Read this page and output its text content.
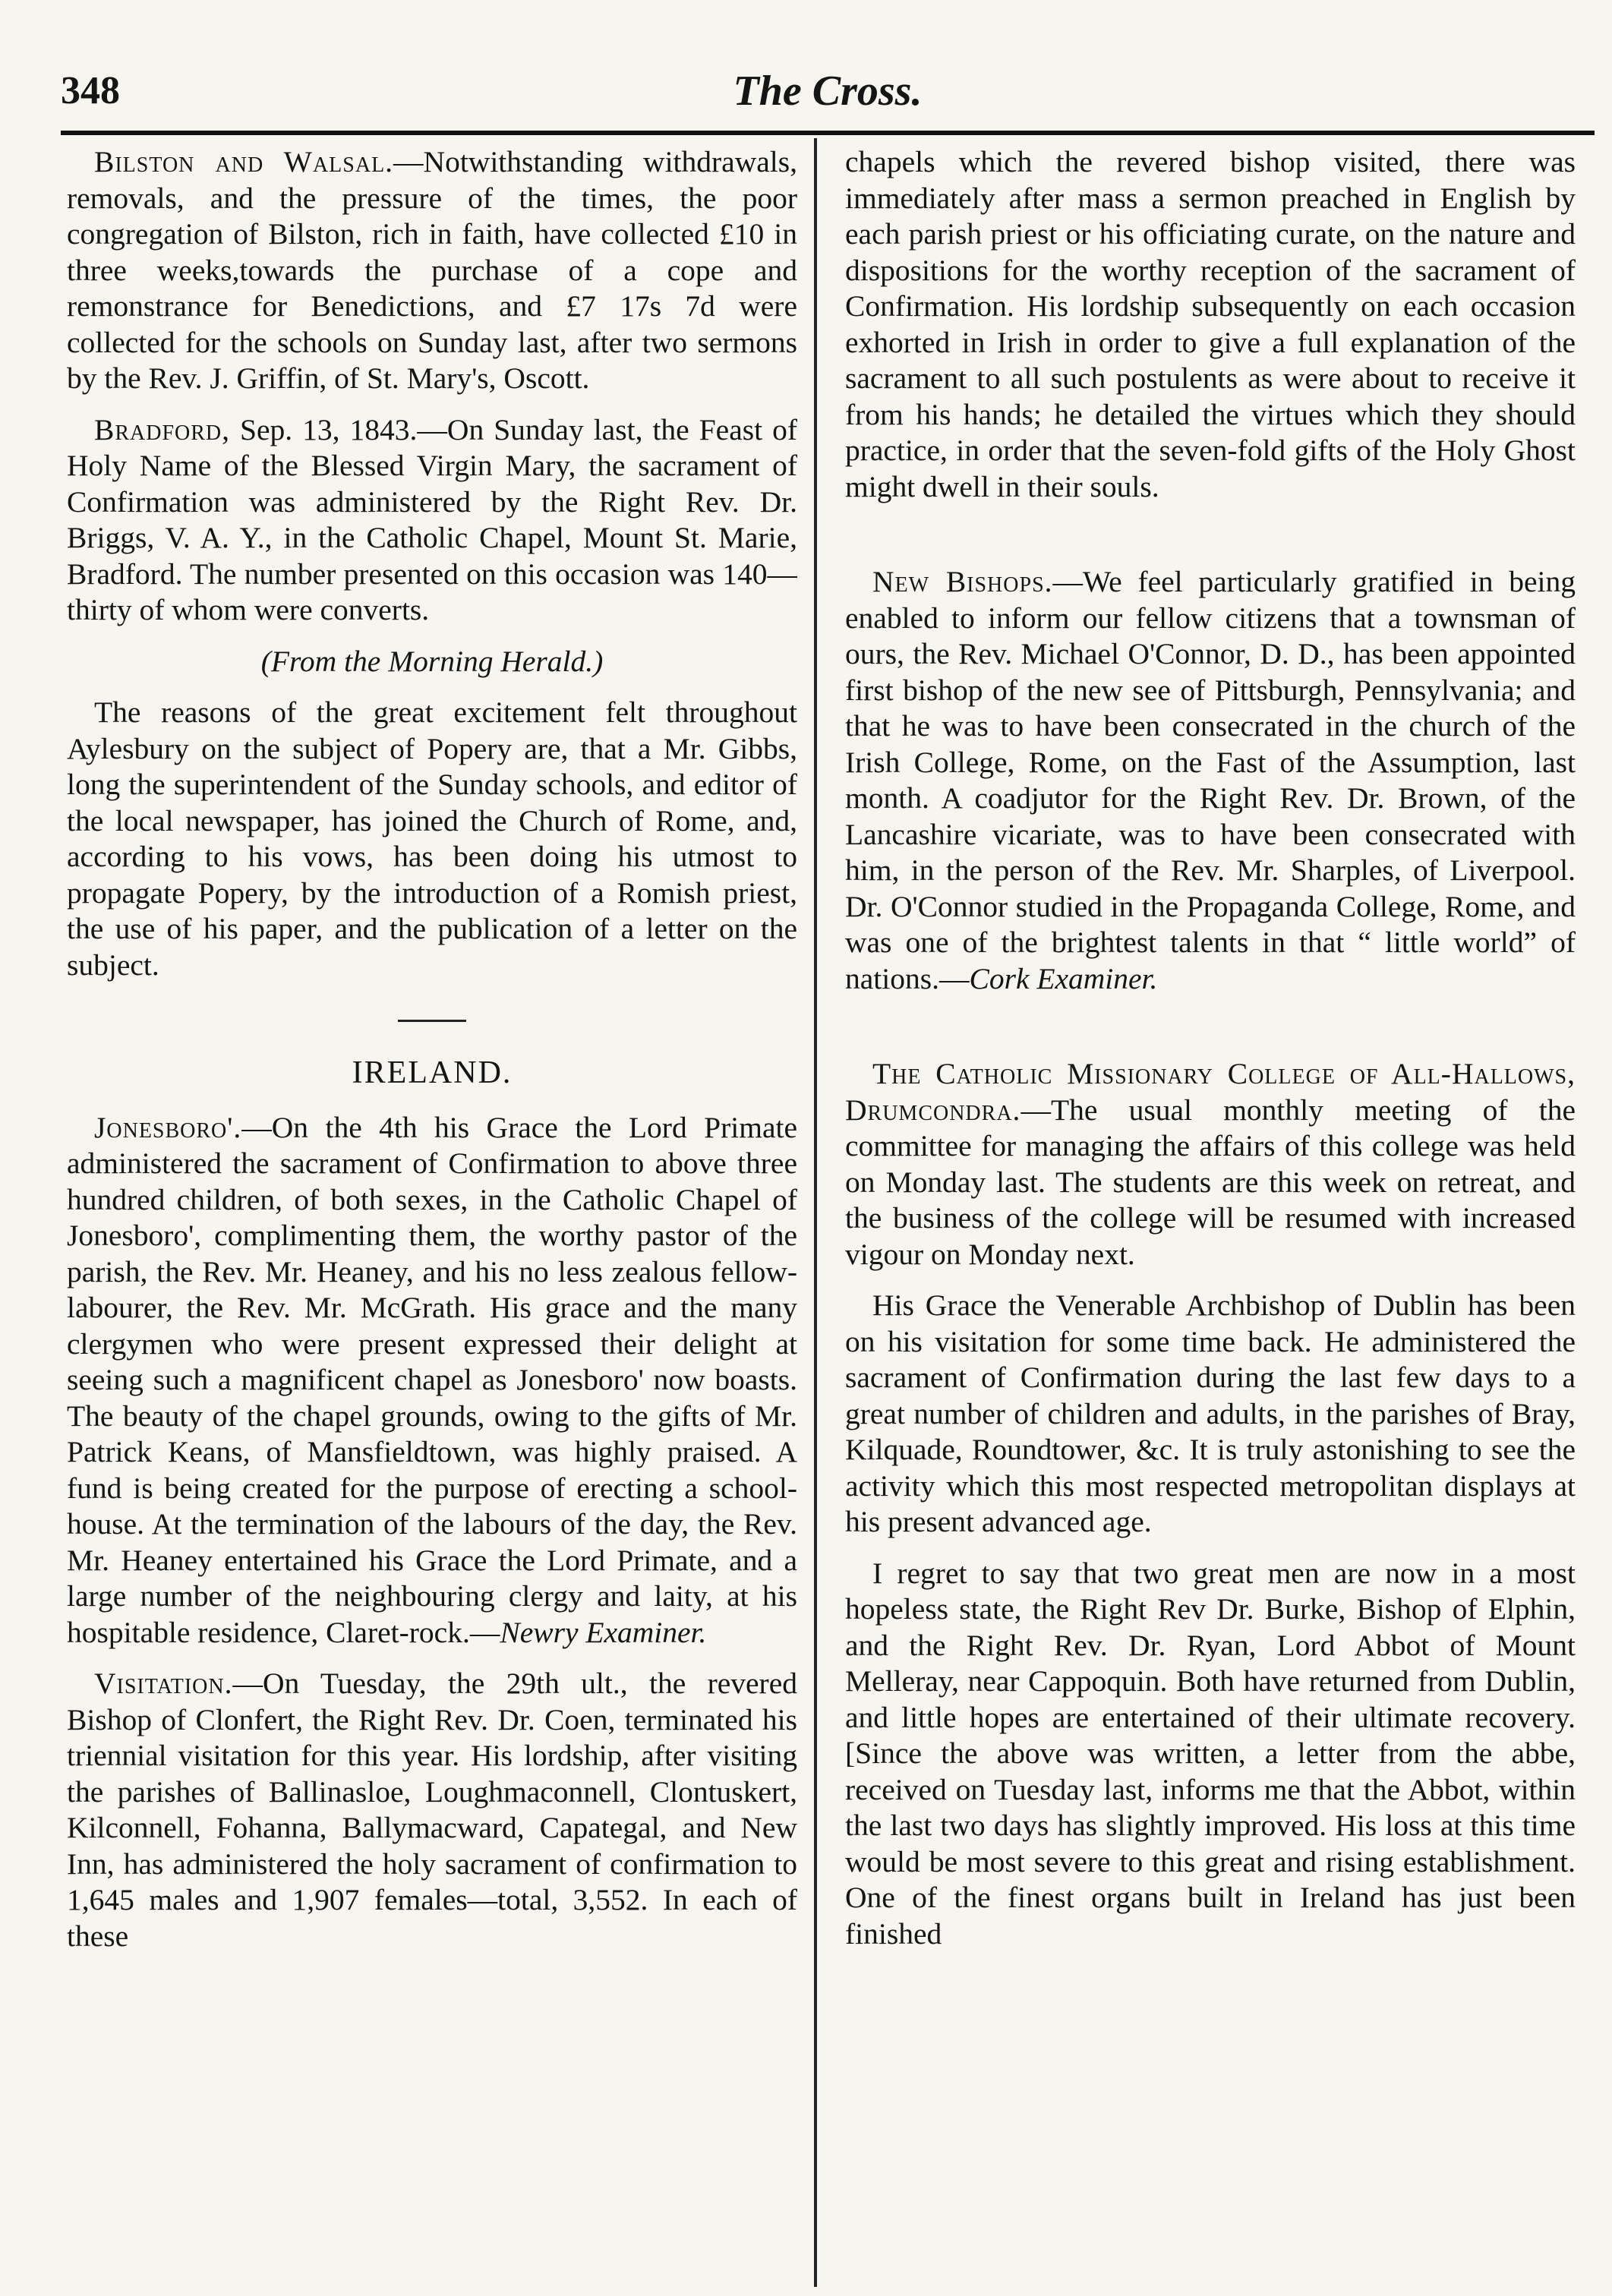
348	The Cross.

Bilston and Walsal.—Notwithstanding withdrawals, removals, and the pressure of the times, the poor congregation of Bilston, rich in faith, have collected £10 in three weeks,towards the purchase of a cope and remonstrance for Benedictions, and £7 17s 7d were collected for the schools on Sunday last, after two sermons by the Rev. J. Griffin, of St. Mary's, Oscott.

Bradford, Sep. 13, 1843.—On Sunday last, the Feast of Holy Name of the Blessed Virgin Mary, the sacrament of Confirmation was administered by the Right Rev. Dr. Briggs, V. A. Y., in the Catholic Chapel, Mount St. Marie, Bradford. The number presented on this occasion was 140—thirty of whom were converts.

(From the Morning Herald.)

The reasons of the great excitement felt throughout Aylesbury on the subject of Popery are, that a Mr. Gibbs, long the superintendent of the Sunday schools, and editor of the local newspaper, has joined the Church of Rome, and, according to his vows, has been doing his utmost to propagate Popery, by the introduction of a Romish priest, the use of his paper, and the publication of a letter on the subject.

IRELAND.

Jonesboro'.—On the 4th his Grace the Lord Primate administered the sacrament of Confirmation to above three hundred children, of both sexes, in the Catholic Chapel of Jonesboro', complimenting them, the worthy pastor of the parish, the Rev. Mr. Heaney, and his no less zealous fellow-labourer, the Rev. Mr. McGrath. His grace and the many clergymen who were present expressed their delight at seeing such a magnificent chapel as Jonesboro' now boasts. The beauty of the chapel grounds, owing to the gifts of Mr. Patrick Keans, of Mansfieldtown, was highly praised. A fund is being created for the purpose of erecting a school-house. At the termination of the labours of the day, the Rev. Mr. Heaney entertained his Grace the Lord Primate, and a large number of the neighbouring clergy and laity, at his hospitable residence, Claret-rock.—Newry Examiner.

Visitation.—On Tuesday, the 29th ult., the revered Bishop of Clonfert, the Right Rev. Dr. Coen, terminated his triennial visitation for this year. His lordship, after visiting the parishes of Ballinasloe, Loughmaconnell, Clontuskert, Kilconnell, Fohanna, Ballymacward, Capategal, and New Inn, has administered the holy sacrament of confirmation to 1,645 males and 1,907 females—total, 3,552. In each of these

chapels which the revered bishop visited, there was immediately after mass a sermon preached in English by each parish priest or his officiating curate, on the nature and dispositions for the worthy reception of the sacrament of Confirmation. His lordship subsequently on each occasion exhorted in Irish in order to give a full explanation of the sacrament to all such postulents as were about to receive it from his hands; he detailed the virtues which they should practice, in order that the seven-fold gifts of the Holy Ghost might dwell in their souls.

New Bishops.—We feel particularly gratified in being enabled to inform our fellow citizens that a townsman of ours, the Rev. Michael O'Connor, D. D., has been appointed first bishop of the new see of Pittsburgh, Pennsylvania; and that he was to have been consecrated in the church of the Irish College, Rome, on the Fast of the Assumption, last month. A coadjutor for the Right Rev. Dr. Brown, of the Lancashire vicariate, was to have been consecrated with him, in the person of the Rev. Mr. Sharples, of Liverpool. Dr. O'Connor studied in the Propaganda College, Rome, and was one of the brightest talents in that “ little world” of nations.—Cork Examiner.

The Catholic Missionary College of All-Hallows, Drumcondra.—The usual monthly meeting of the committee for managing the affairs of this college was held on Monday last. The students are this week on retreat, and the business of the college will be resumed with increased vigour on Monday next.

His Grace the Venerable Archbishop of Dublin has been on his visitation for some time back. He administered the sacrament of Confirmation during the last few days to a great number of children and adults, in the parishes of Bray, Kilquade, Roundtower, &c. It is truly astonishing to see the activity which this most respected metropolitan displays at his present advanced age.

I regret to say that two great men are now in a most hopeless state, the Right Rev Dr. Burke, Bishop of Elphin, and the Right Rev. Dr. Ryan, Lord Abbot of Mount Melleray, near Cappoquin. Both have returned from Dublin, and little hopes are entertained of their ultimate recovery. [Since the above was written, a letter from the abbe, received on Tuesday last, informs me that the Abbot, within the last two days has slightly improved. His loss at this time would be most severe to this great and rising establishment. One of the finest organs built in Ireland has just been finished
